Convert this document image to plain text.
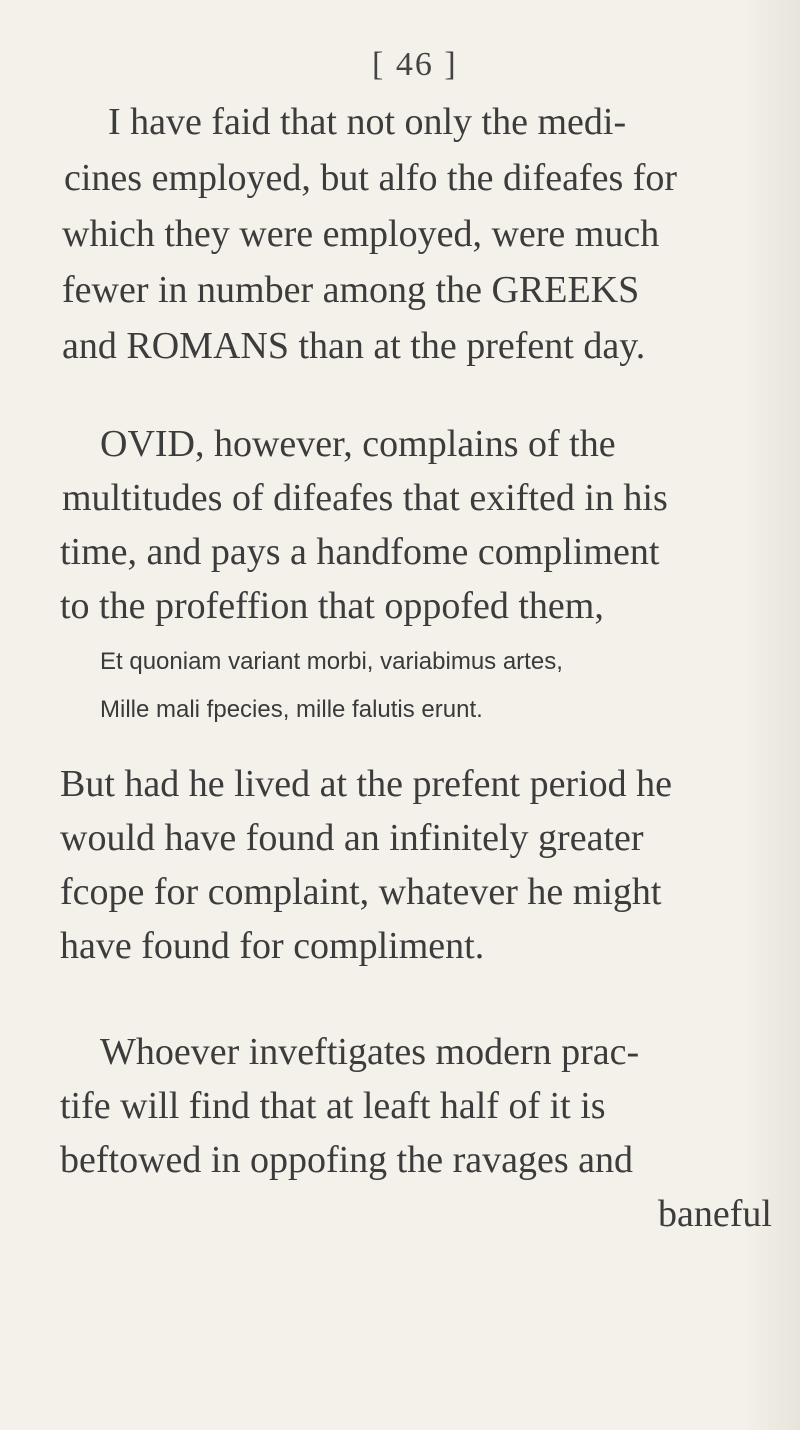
[ 46 ]
I have faid that not only the medi-
cines employed, but alfo the difeafes for
which they were employed, were much
fewer in number among the GREEKS
and ROMANS than at the prefent day.
OVID, however, complains of the
multitudes of difeafes that exifted in his
time, and pays a handfome compliment
to the profeffion that oppofed them,
Et quoniam variant morbi, variabimus artes,
Mille mali fpecies, mille falutis erunt.
But had he lived at the prefent period he
would have found an infinitely greater
fcope for complaint, whatever he might
have found for compliment.
Whoever inveftigates modern prac-
tife will find that at leaft half of it is
beftowed in oppofing the ravages and
baneful
